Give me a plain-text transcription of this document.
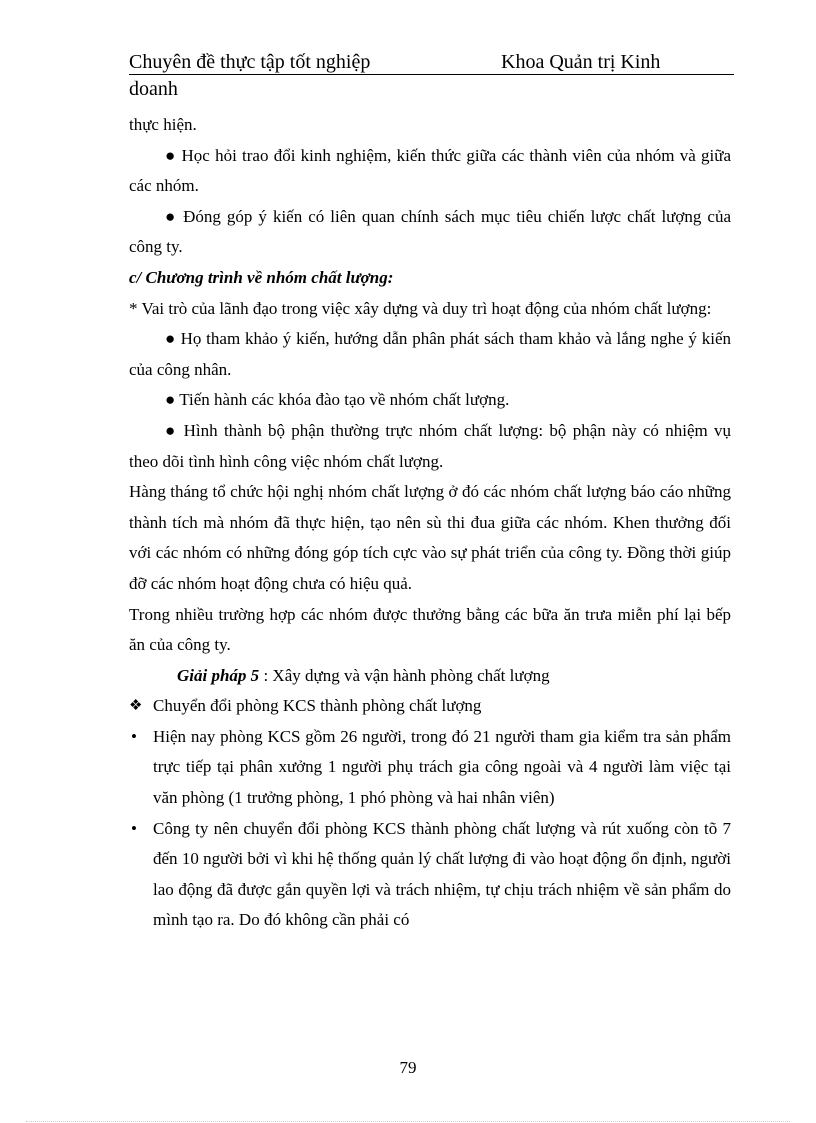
Chuyên đề thực tập tốt nghiệp	Khoa Quản trị Kinh
doanh

thực hiện.

● Học hỏi trao đổi kinh nghiệm, kiến thức giữa các thành viên của nhóm và giữa các nhóm.

● Đóng góp ý kiến có liên quan chính sách mục tiêu chiến lược chất lượng của công ty.

c/ Chương trình về nhóm chất lượng:

* Vai trò của lãnh đạo trong việc xây dựng và duy trì hoạt động của nhóm chất lượng:

● Họ tham khảo ý kiến, hướng dẫn phân phát sách tham khảo và lắng nghe ý kiến của công nhân.

● Tiến hành các khóa đào tạo về nhóm chất lượng.

● Hình thành bộ phận thường trực nhóm chất lượng: bộ phận này có nhiệm vụ theo dõi tình hình công việc nhóm chất lượng.

Hàng tháng tổ chức hội nghị nhóm chất lượng ở đó các nhóm chất lượng báo cáo những thành tích mà nhóm đã thực hiện, tạo nên sù thi đua giữa các nhóm. Khen thưởng đối với các nhóm có những đóng góp tích cực vào sự phát triển của công ty. Đồng thời giúp đỡ các nhóm hoạt động chưa có hiệu quả.

Trong nhiều trường hợp các nhóm được thưởng bằng các bữa ăn trưa miễn phí lại bếp ăn của công ty.

Giải pháp 5 : Xây dựng và vận hành phòng chất lượng

❖ Chuyển đổi phòng KCS thành phòng chất lượng

• Hiện nay phòng KCS gồm 26 người, trong đó 21 người tham gia kiểm tra sản phẩm trực tiếp tại phân xưởng 1 người phụ trách gia công ngoài và 4 người làm việc tại văn phòng (1 trưởng phòng, 1 phó phòng và hai nhân viên)

• Công ty nên chuyển đổi phòng KCS thành phòng chất lượng và rút xuống còn tõ 7 đến 10 người bởi vì khi hệ thống quản lý chất lượng đi vào hoạt động ổn định, người lao động đã được gắn quyền lợi và trách nhiệm, tự chịu trách nhiệm về sản phẩm do mình tạo ra. Do đó không cần phải có

79
